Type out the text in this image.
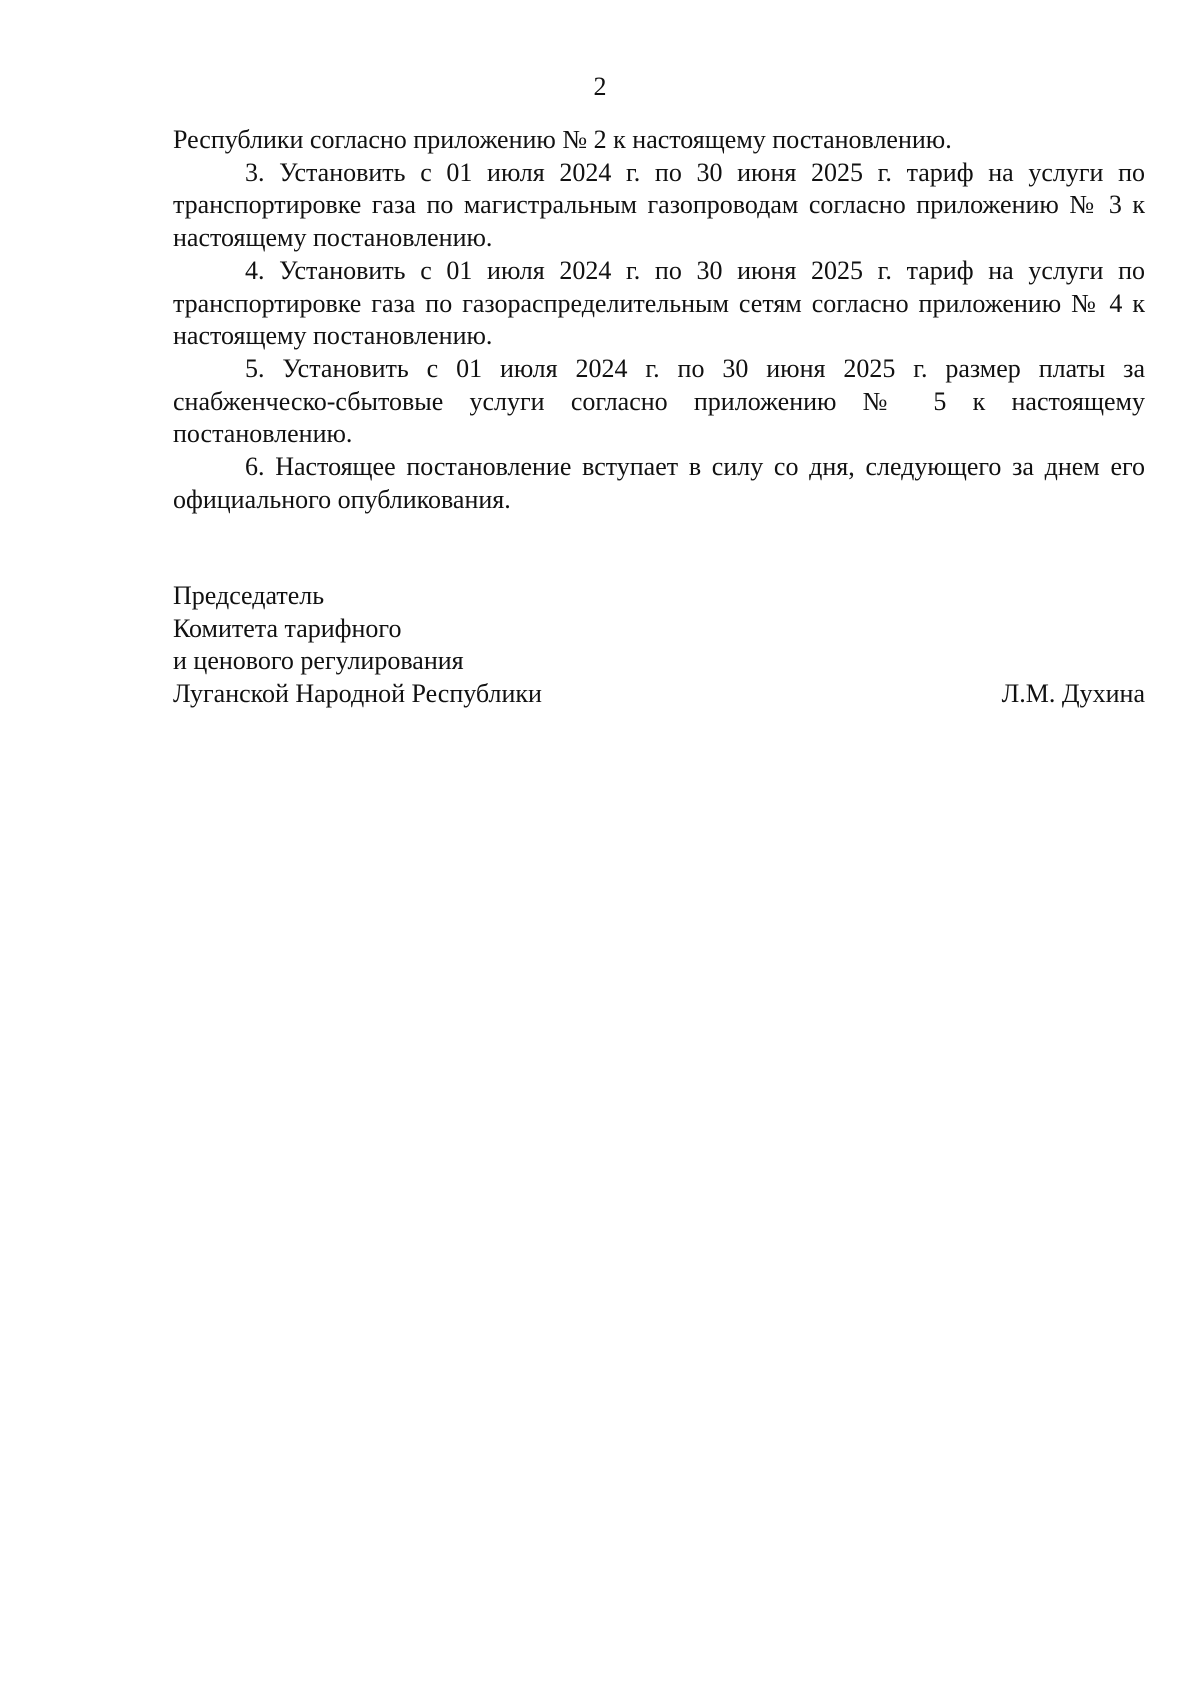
2

Республики согласно приложению № 2 к настоящему постановлению.

3. Установить с 01 июля 2024 г. по 30 июня 2025 г. тариф на услуги по транспортировке газа по магистральным газопроводам согласно приложению № 3 к настоящему постановлению.

4. Установить с 01 июля 2024 г. по 30 июня 2025 г. тариф на услуги по транспортировке газа по газораспределительным сетям согласно приложению № 4 к настоящему постановлению.

5. Установить с 01 июля 2024 г. по 30 июня 2025 г. размер платы за снабженческо-сбытовые услуги согласно приложению № 5 к настоящему постановлению.

6. Настоящее постановление вступает в силу со дня, следующего за днем его официального опубликования.

Председатель
Комитета тарифного
и ценового регулирования
Луганской Народной Республики	Л.М. Духина
